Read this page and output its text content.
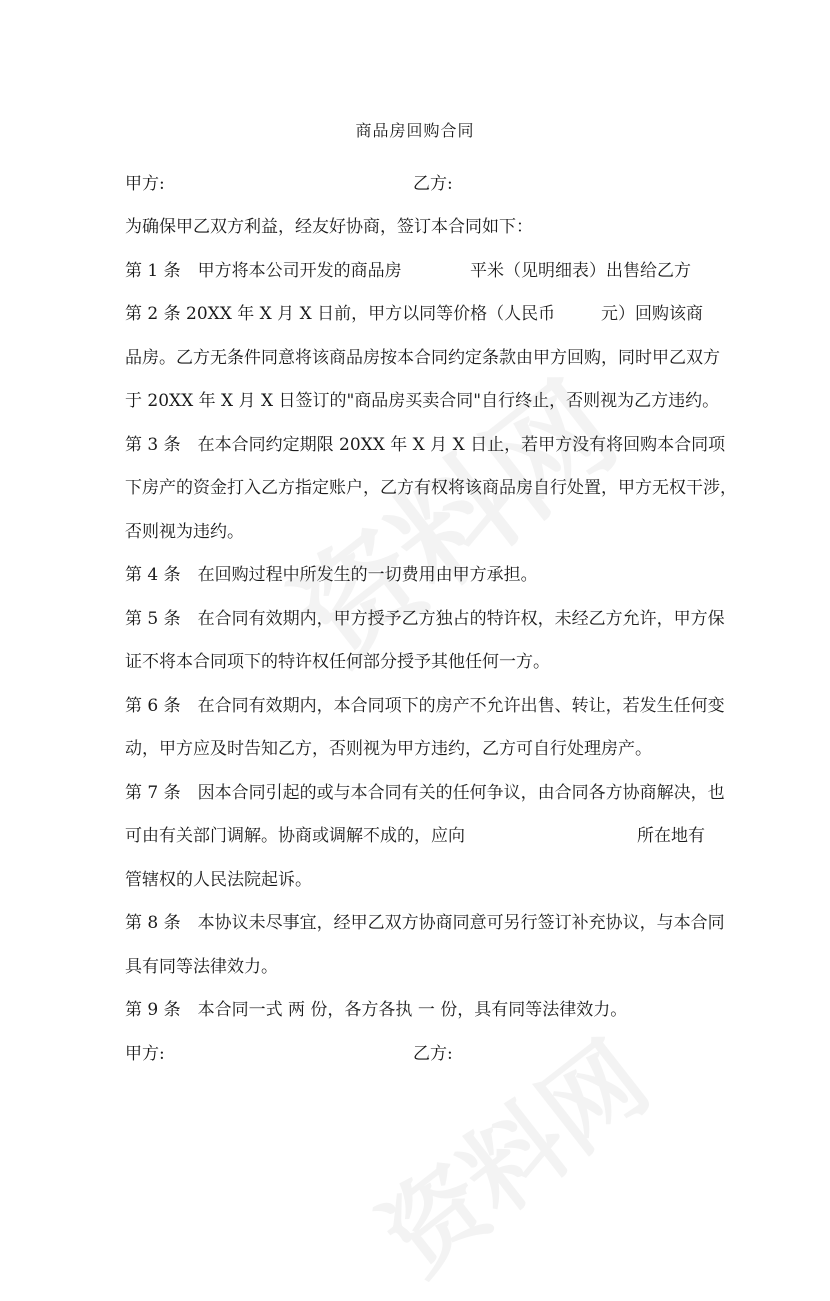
商品房回购合同
甲方:	乙方:
为确保甲乙双方利益，经友好协商，签订本合同如下：
第 1 条　甲方将本公司开发的商品房	平米（见明细表）出售给乙方
第 2 条 20XX 年 X 月 X 日前，甲方以同等价格（人民币	元）回购该商
品房。乙方无条件同意将该商品房按本合同约定条款由甲方回购，同时甲乙双方
于 20XX 年 X 月 X 日签订的"商品房买卖合同"自行终止，否则视为乙方违约。
第 3 条　在本合同约定期限 20XX 年 X 月 X 日止，若甲方没有将回购本合同项
下房产的资金打入乙方指定账户，乙方有权将该商品房自行处置，甲方无权干涉，
否则视为违约。
第 4 条　在回购过程中所发生的一切费用由甲方承担。
第 5 条　在合同有效期内，甲方授予乙方独占的特许权，未经乙方允许，甲方保
证不将本合同项下的特许权任何部分授予其他任何一方。
第 6 条　在合同有效期内，本合同项下的房产不允许出售、转让，若发生任何变
动，甲方应及时告知乙方，否则视为甲方违约，乙方可自行处理房产。
第 7 条　因本合同引起的或与本合同有关的任何争议，由合同各方协商解决，也
可由有关部门调解。协商或调解不成的，应向	所在地有
管辖权的人民法院起诉。
第 8 条　本协议未尽事宜，经甲乙双方协商同意可另行签订补充协议，与本合同
具有同等法律效力。
第 9 条　本合同一式 两 份，各方各执 一 份，具有同等法律效力。
甲方:	乙方:
